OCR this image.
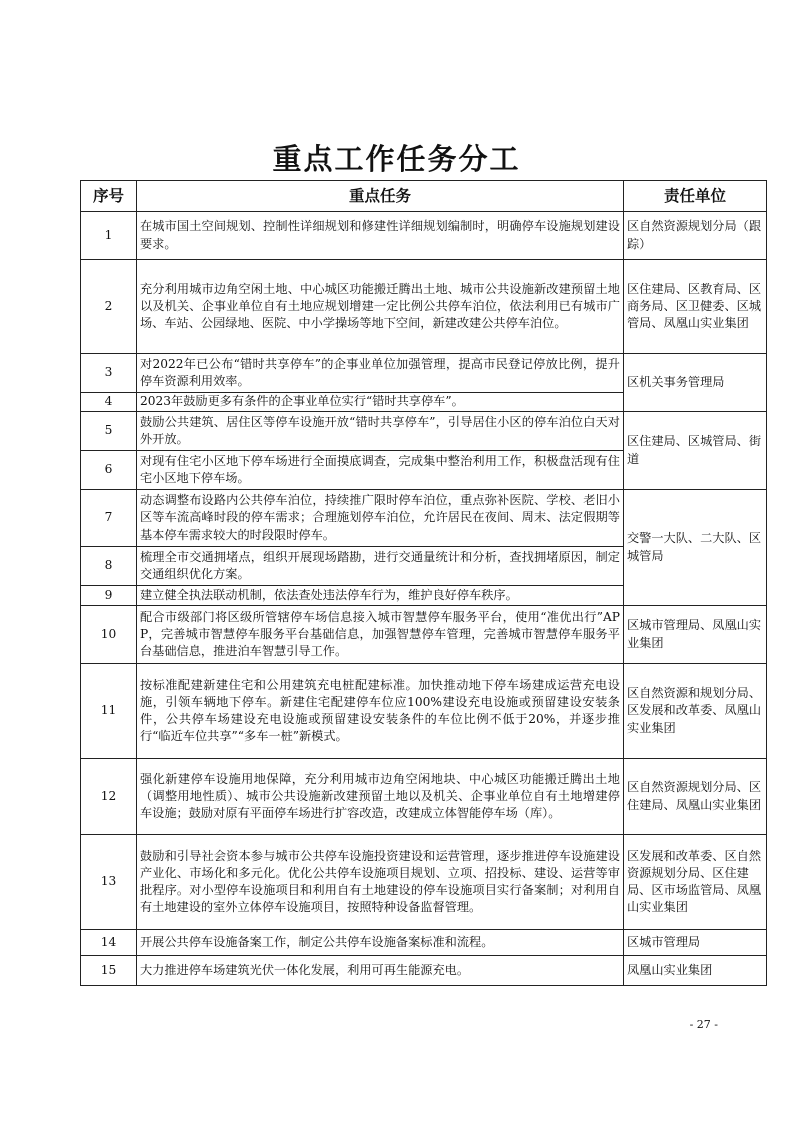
重点工作任务分工
序号	重点任务	责任单位
1	在城市国土空间规划、控制性详细规划和修建性详细规划编制时，明确停车设施规划建设要求。	区自然资源规划分局（跟踪）
2	充分利用城市边角空闲土地、中心城区功能搬迁腾出土地、城市公共设施新改建预留土地以及机关、企事业单位自有土地应规划增建一定比例公共停车泊位，依法利用已有城市广场、车站、公园绿地、医院、中小学操场等地下空间，新建改建公共停车泊位。	区住建局、区教育局、区商务局、区卫健委、区城管局、凤凰山实业集团
3	对2022年已公布“错时共享停车”的企事业单位加强管理，提高市民登记停放比例，提升停车资源利用效率。	区机关事务管理局
4	2023年鼓励更多有条件的企事业单位实行“错时共享停车”。	
5	鼓励公共建筑、居住区等停车设施开放“错时共享停车”，引导居住小区的停车泊位白天对外开放。	区住建局、区城管局、街道
6	对现有住宅小区地下停车场进行全面摸底调查，完成集中整治利用工作，积极盘活现有住宅小区地下停车场。	
7	动态调整布设路内公共停车泊位，持续推广限时停车泊位，重点弥补医院、学校、老旧小区等车流高峰时段的停车需求；合理施划停车泊位，允许居民在夜间、周末、法定假期等基本停车需求较大的时段限时停车。	交警一大队、二大队、区城管局
8	梳理全市交通拥堵点，组织开展现场踏勘，进行交通量统计和分析，查找拥堵原因，制定交通组织优化方案。	
9	建立健全执法联动机制，依法查处违法停车行为，维护良好停车秩序。	
10	配合市级部门将区级所管辖停车场信息接入城市智慧停车服务平台，使用“准优出行”APP，完善城市智慧停车服务平台基础信息，加强智慧停车管理，完善城市智慧停车服务平台基础信息，推进泊车智慧引导工作。	区城市管理局、凤凰山实业集团
11	按标准配建新建住宅和公用建筑充电桩配建标准。加快推动地下停车场建成运营充电设施，引领车辆地下停车。新建住宅配建停车位应100%建设充电设施或预留建设安装条件，公共停车场建设充电设施或预留建设安装条件的车位比例不低于20%，并逐步推行“临近车位共享”“多车一桩”新模式。	区自然资源和规划分局、区发展和改革委、凤凰山实业集团
12	强化新建停车设施用地保障，充分利用城市边角空闲地块、中心城区功能搬迁腾出土地（调整用地性质）、城市公共设施新改建预留土地以及机关、企事业单位自有土地增建停车设施；鼓励对原有平面停车场进行扩容改造，改建成立体智能停车场（库）。	区自然资源规划分局、区住建局、凤凰山实业集团
13	鼓励和引导社会资本参与城市公共停车设施投资建设和运营管理，逐步推进停车设施建设产业化、市场化和多元化。优化公共停车设施项目规划、立项、招投标、建设、运营等审批程序。对小型停车设施项目和利用自有土地建设的停车设施项目实行备案制；对利用自有土地建设的室外立体停车设施项目，按照特种设备监督管理。	区发展和改革委、区自然资源规划分局、区住建局、区市场监管局、凤凰山实业集团
14	开展公共停车设施备案工作，制定公共停车设施备案标准和流程。	区城市管理局
15	大力推进停车场建筑光伏一体化发展，利用可再生能源充电。	凤凰山实业集团
- 27 -
